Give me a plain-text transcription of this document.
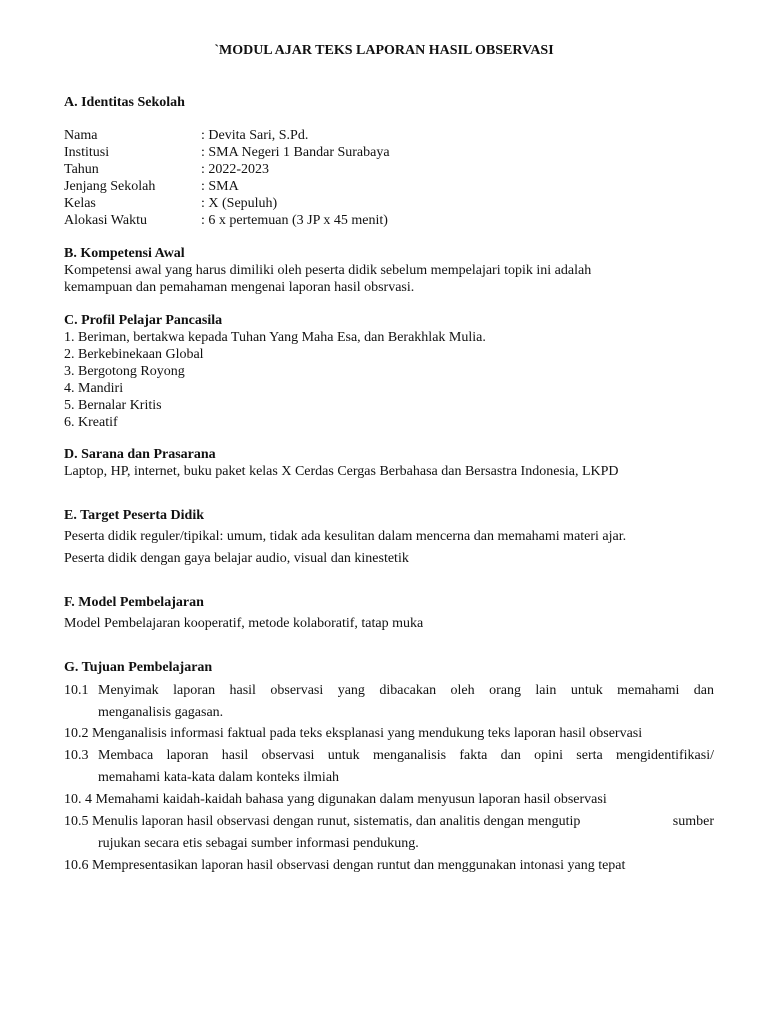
`MODUL AJAR TEKS LAPORAN HASIL OBSERVASI
A. Identitas Sekolah
Nama	: Devita Sari, S.Pd.
Institusi	: SMA Negeri 1 Bandar Surabaya
Tahun	: 2022-2023
Jenjang Sekolah	: SMA
Kelas	: X (Sepuluh)
Alokasi Waktu	: 6 x pertemuan (3 JP x 45 menit)
B. Kompetensi Awal
Kompetensi awal yang harus dimiliki oleh peserta didik sebelum mempelajari topik ini adalah
kemampuan dan pemahaman mengenai laporan hasil obsrvasi.
C. Profil Pelajar Pancasila
1. Beriman, bertakwa kepada Tuhan Yang Maha Esa, dan Berakhlak Mulia.
2. Berkebinekaan Global
3. Bergotong Royong
4. Mandiri
5. Bernalar Kritis
6. Kreatif
D. Sarana dan Prasarana
Laptop, HP, internet, buku paket kelas X Cerdas Cergas Berbahasa dan Bersastra Indonesia, LKPD
E. Target Peserta Didik
Peserta didik reguler/tipikal: umum, tidak ada kesulitan dalam mencerna dan memahami materi ajar.
Peserta didik dengan gaya belajar audio, visual dan kinestetik
F. Model Pembelajaran
Model Pembelajaran kooperatif, metode kolaboratif, tatap muka
G. Tujuan Pembelajaran
10.1 Menyimak laporan hasil observasi yang dibacakan oleh orang lain untuk memahami dan
menganalisis gagasan.
10.2 Menganalisis informasi faktual pada teks eksplanasi yang mendukung teks laporan hasil observasi
10.3 Membaca laporan hasil observasi untuk menganalisis fakta dan opini serta mengidentifikasi/
memahami kata-kata dalam konteks ilmiah
10. 4 Memahami kaidah-kaidah bahasa yang digunakan dalam menyusun laporan hasil observasi
10.5 Menulis laporan hasil observasi dengan runut, sistematis, dan analitis dengan mengutip	sumber
rujukan secara etis sebagai sumber informasi pendukung.
10.6 Mempresentasikan laporan hasil observasi dengan runtut dan menggunakan intonasi yang tepat
